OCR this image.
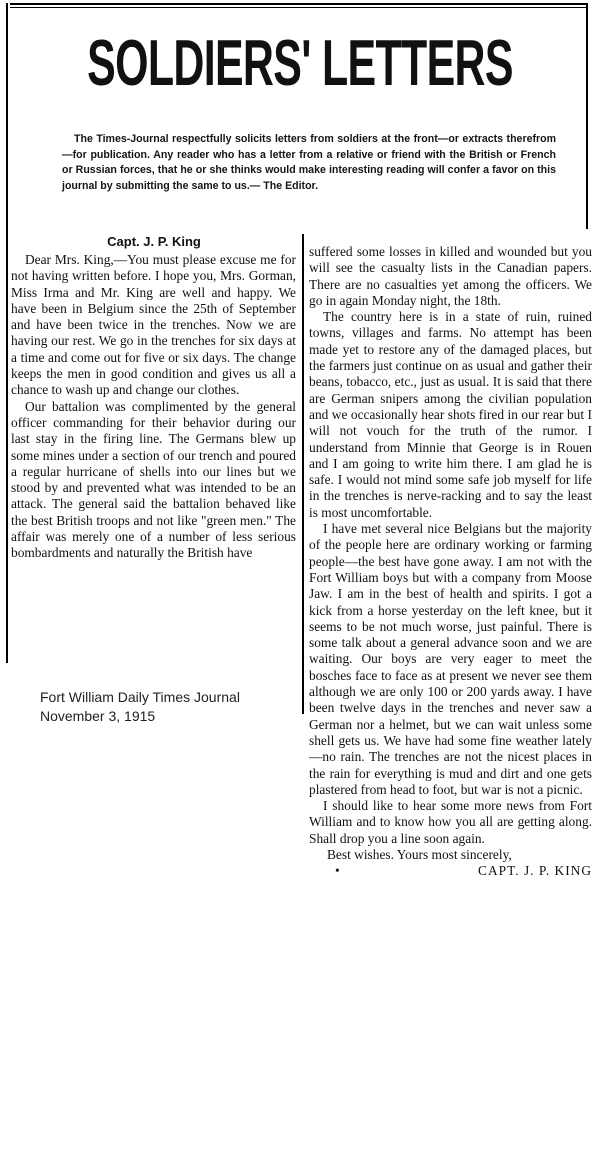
SOLDIERS' LETTERS
The Times-Journal respectfully solicits letters from soldiers at the front—or extracts therefrom—for publication. Any reader who has a letter from a relative or friend with the British or French or Russian forces, that he or she thinks would make interesting reading will confer a favor on this journal by submitting the same to us.— The Editor.
Capt. J. P. King

Dear Mrs. King,—You must please excuse me for not having written before. I hope you, Mrs. Gorman, Miss Irma and Mr. King are well and happy. We have been in Belgium since the 25th of September and have been twice in the trenches. Now we are having our rest. We go in the trenches for six days at a time and come out for five or six days. The change keeps the men in good condition and gives us all a chance to wash up and change our clothes.

Our battalion was complimented by the general officer commanding for their behavior during our last stay in the firing line. The Germans blew up some mines under a section of our trench and poured a regular hurricane of shells into our lines but we stood by and prevented what was intended to be an attack. The general said the battalion behaved like the best British troops and not like "green men." The affair was merely one of a number of less serious bombardments and naturally the British have

suffered some losses in killed and wounded but you will see the casualty lists in the Canadian papers. There are no casualties yet among the officers. We go in again Monday night, the 18th.

The country here is in a state of ruin, ruined towns, villages and farms. No attempt has been made yet to restore any of the damaged places, but the farmers just continue on as usual and gather their beans, tobacco, etc., just as usual. It is said that there are German snipers among the civilian population and we occasionally hear shots fired in our rear but I will not vouch for the truth of the rumor. I understand from Minnie that George is in Rouen and I am going to write him there. I am glad he is safe. I would not mind some safe job myself for life in the trenches is nerve-racking and to say the least is most uncomfortable.

I have met several nice Belgians but the majority of the people here are ordinary working or farming people—the best have gone away. I am not with the Fort William boys but with a company from Moose Jaw. I am in the best of health and spirits. I got a kick from a horse yesterday on the left knee, but it seems to be not much worse, just painful. There is some talk about a general advance soon and we are waiting. Our boys are very eager to meet the bosches face to face as at present we never see them although we are only 100 or 200 yards away. I have been twelve days in the trenches and never saw a German nor a helmet, but we can wait unless some shell gets us. We have had some fine weather lately—no rain. The trenches are not the nicest places in the rain for everything is mud and dirt and one gets plastered from head to foot, but war is not a picnic.

I should like to hear some more news from Fort William and to know how you all are getting along. Shall drop you a line soon again.

Best wishes. Yours most sincerely,

•	CAPT. J. P. KING

Fort William Daily Times Journal
November 3, 1915
